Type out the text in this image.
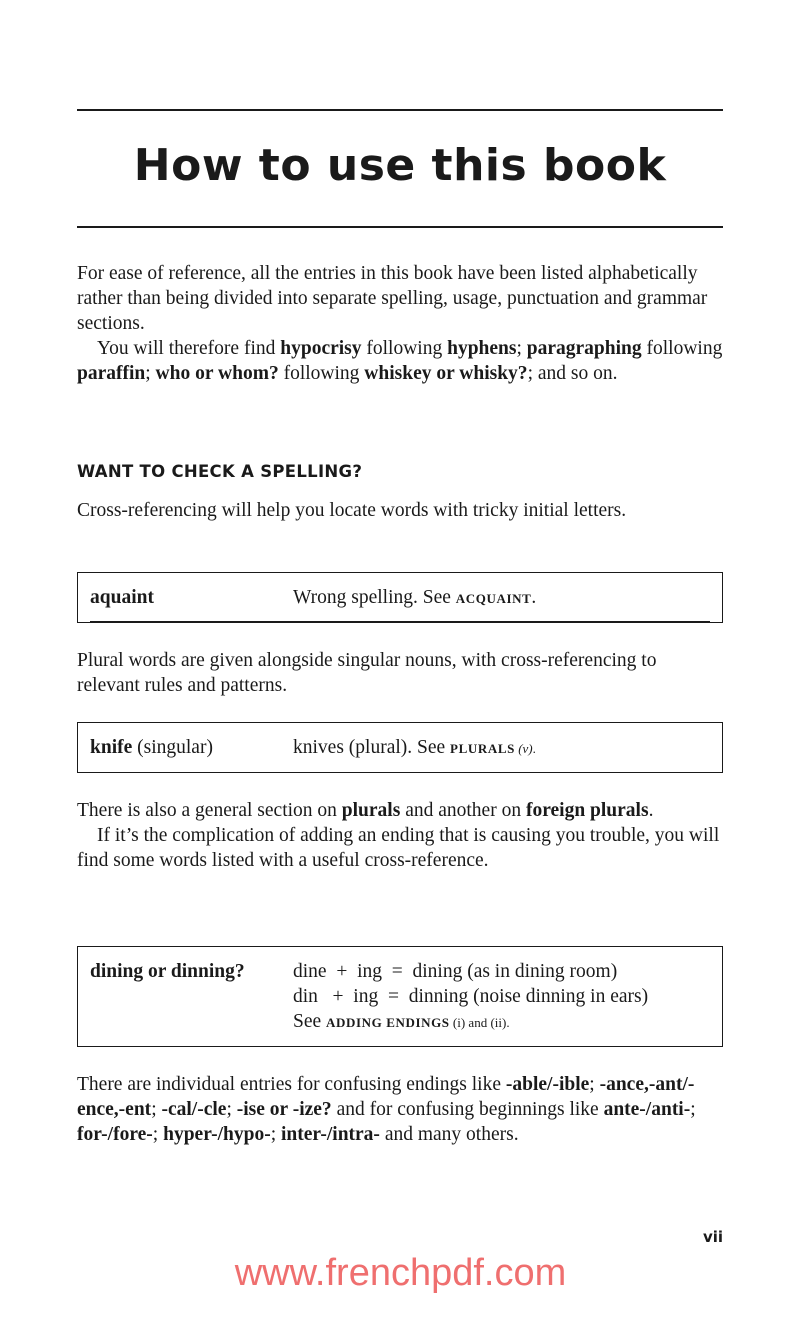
How to use this book

For ease of reference, all the entries in this book have been listed alphabetically rather than being divided into separate spelling, usage, punctuation and grammar sections.

You will therefore find hypocrisy following hyphens; paragraphing following paraffin; who or whom? following whiskey or whisky?; and so on.

WANT TO CHECK A SPELLING?

Cross-referencing will help you locate words with tricky initial letters.

aquaint	Wrong spelling. See ACQUAINT.

Plural words are given alongside singular nouns, with cross-referencing to relevant rules and patterns.

knife (singular)	knives (plural). See PLURALS (v).

There is also a general section on plurals and another on foreign plurals.

If it’s the complication of adding an ending that is causing you trouble, you will find some words listed with a useful cross-reference.

dining or dinning? dine  +  ing  =  dining (as in dining room)
din   +  ing  =  dinning (noise dinning in ears)
See ADDING ENDINGS (i) and (ii).

There are individual entries for confusing endings like -able/-ible; -ance,-ant/-ence,-ent; -cal/-cle; -ise or -ize? and for confusing beginnings like ante-/anti-; for-/fore-; hyper-/hypo-; inter-/intra- and many others.

vii

www.frenchpdf.com
